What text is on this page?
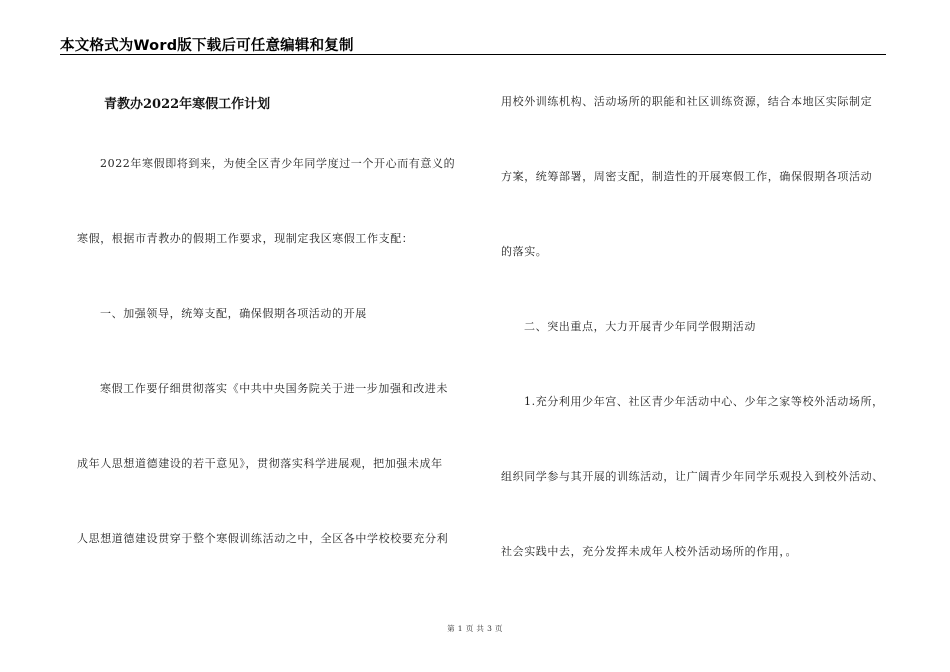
本文格式为Word版下载后可任意编辑和复制
青教办2022年寒假工作计划
2022年寒假即将到来，为使全区青少年同学度过一个开心而有意义的
寒假，根据市青教办的假期工作要求，现制定我区寒假工作支配：
一、加强领导，统筹支配，确保假期各项活动的开展
寒假工作要仔细贯彻落实《中共中央国务院关于进一步加强和改进未
成年人思想道德建设的若干意见》，贯彻落实科学进展观，把加强未成年
人思想道德建设贯穿于整个寒假训练活动之中，全区各中学校校要充分利
用校外训练机构、活动场所的职能和社区训练资源，结合本地区实际制定
方案，统筹部署，周密支配，制造性的开展寒假工作，确保假期各项活动
的落实。
二、突出重点，大力开展青少年同学假期活动
1.充分利用少年宫、社区青少年活动中心、少年之家等校外活动场所，
组织同学参与其开展的训练活动，让广阔青少年同学乐观投入到校外活动、
社会实践中去，充分发挥未成年人校外活动场所的作用，。
第 1 页 共 3 页
